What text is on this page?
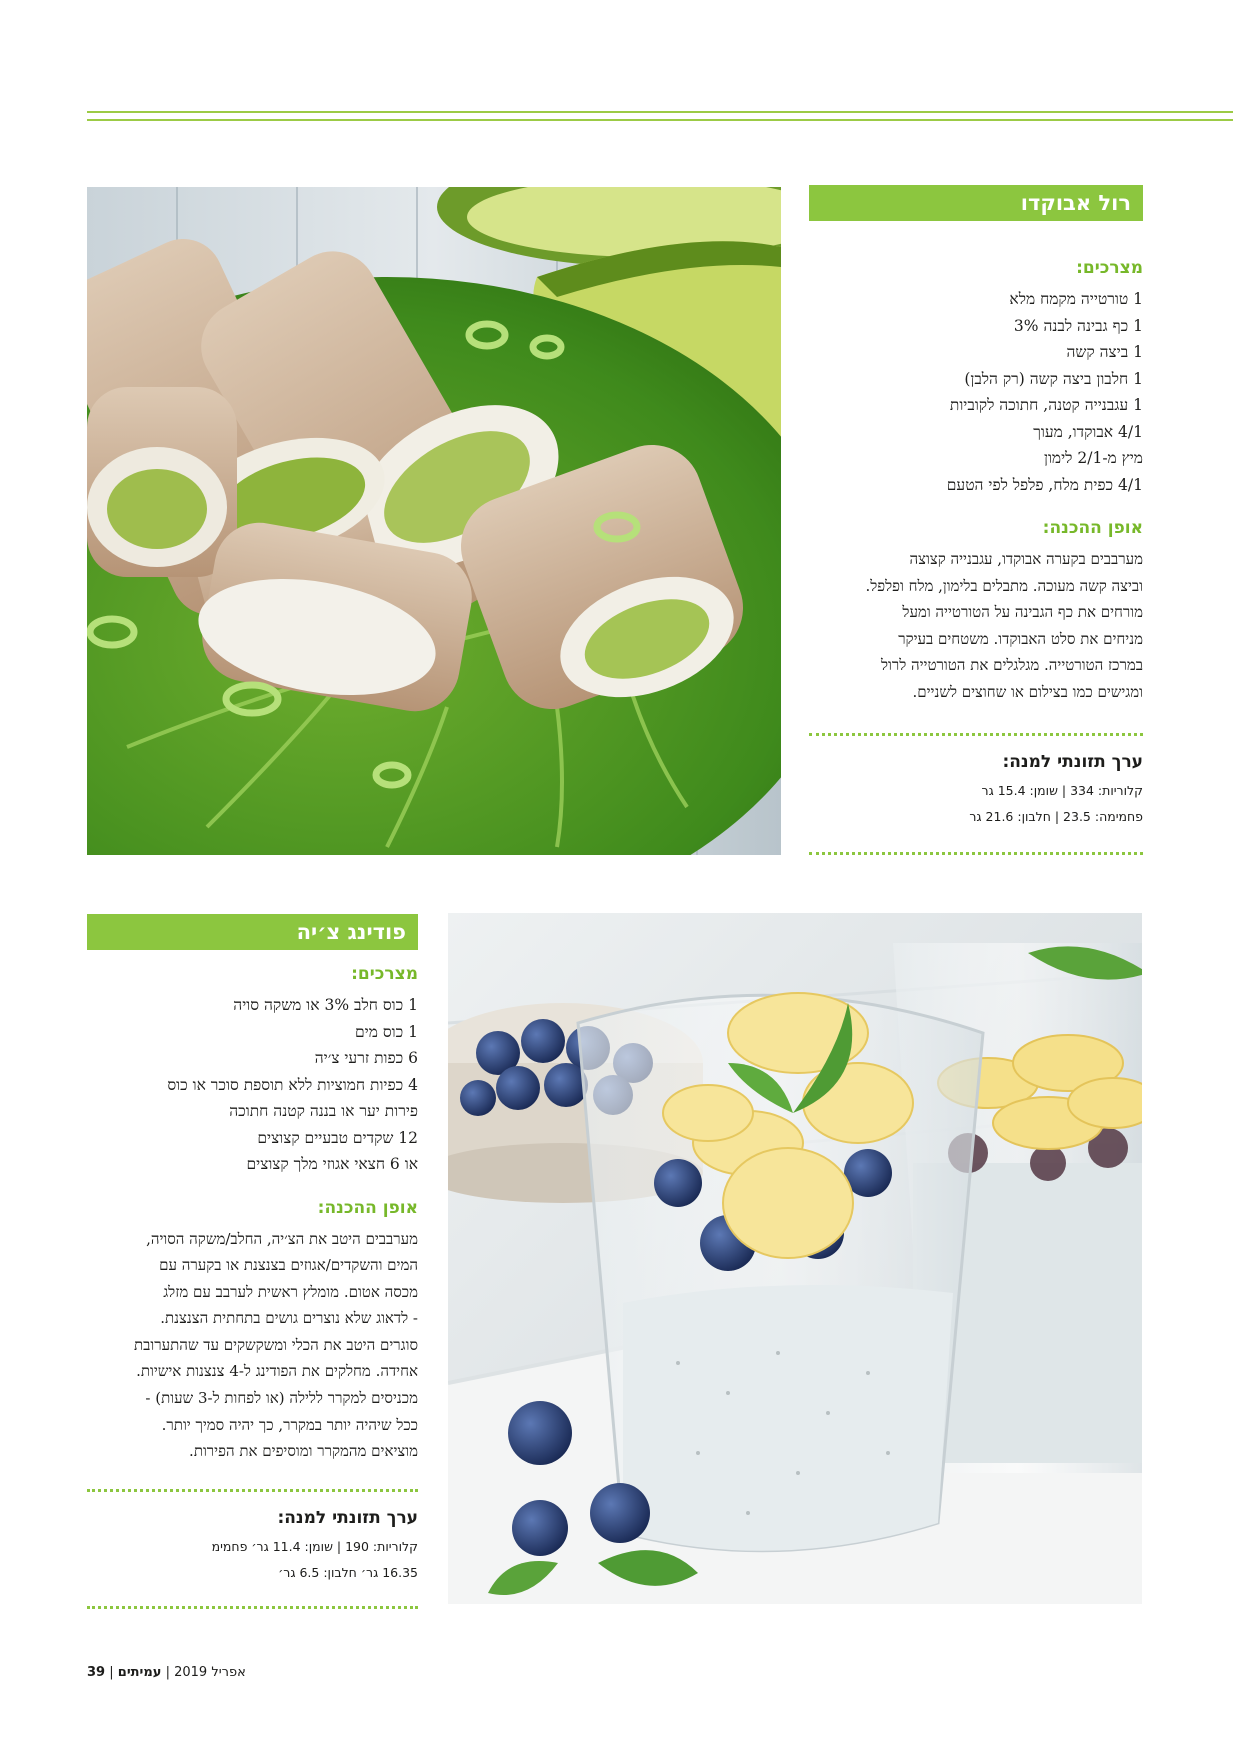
רול אבוקדו
מצרכים:
1 טורטייה מקמח מלא
1 כף גבינה לבנה 3%
1 ביצה קשה
1 חלבון ביצה קשה (רק הלבן)
1 עגבנייה קטנה, חתוכה לקוביות
4/1 אבוקדו, מעוך
מיץ מ-2/1 לימון
4/1 כפית מלח, פלפל לפי הטעם
אופן ההכנה:

מערבבים בקערה אבוקדו, עגבנייה קצוצה

וביצה קשה מעוכה. מתבלים בלימון, מלח ופלפל.

מורחים את כף הגבינה על הטורטייה ומעל

מניחים את סלט האבוקדו. משטחים בעיקר

במרכז הטורטייה. מגלגלים את הטורטייה לרול

ומגישים כמו בצילום או שחוצים לשניים.

ערך תזונתי למנה:

קלוריות: 334 | שומן: 15.4 גר

פחמימה: 23.5 | חלבון: 21.6 גר

פודינג צ׳יה
מצרכים:
1 כוס חלב 3% או משקה סויה
1 כוס מים
6 כפות זרעי צ׳יה
4 כפיות חמוציות ללא תוספת סוכר או כוס
פירות יער או בננה קטנה חתוכה
12 שקדים טבעיים קצוצים
או 6 חצאי אגוזי מלך קצוצים
אופן ההכנה:

מערבבים היטב את הצ׳יה, החלב/משקה הסויה,

המים והשקדים/אגוזים בצנצנת או בקערה עם

מכסה אטום. מומלץ ראשית לערבב עם מזלג

- לדאוג שלא נוצרים גושים בתחתית הצנצנת.

סוגרים היטב את הכלי ומשקשקים עד שהתערובת

אחידה. מחלקים את הפודינג ל-4 צנצנות אישיות.

מכניסים למקרר ללילה (או לפחות ל-3 שעות) -

ככל שיהיה יותר במקרר, כך יהיה סמיך יותר.

מוציאים מהמקרר ומוסיפים את הפירות.

ערך תזונתי למנה:

קלוריות: 190 | שומן: 11.4 גר׳ פחמימ

16.35 גר׳ חלבון: 6.5 גר׳

39 |	אפריל 2019 | עמיתים
